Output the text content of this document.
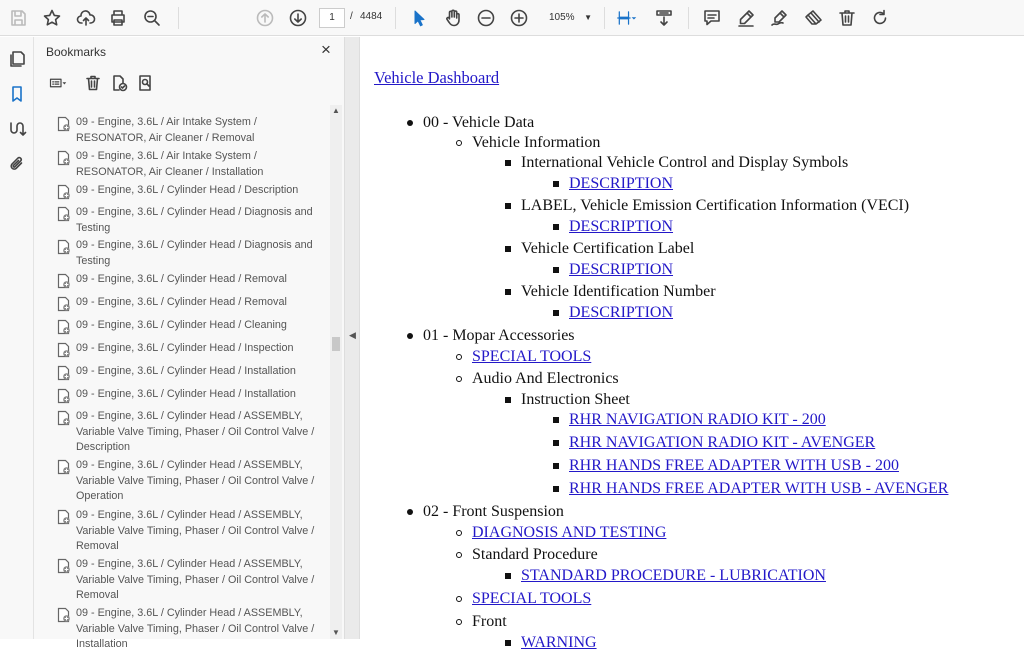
1	/ 4484	105% ▼
Bookmarks	×
09 - Engine, 3.6L / Air Intake System / RESONATOR, Air Cleaner / Removal
09 - Engine, 3.6L / Air Intake System / RESONATOR, Air Cleaner / Installation
09 - Engine, 3.6L / Cylinder Head / Description
09 - Engine, 3.6L / Cylinder Head / Diagnosis and Testing
09 - Engine, 3.6L / Cylinder Head / Diagnosis and Testing
09 - Engine, 3.6L / Cylinder Head / Removal
09 - Engine, 3.6L / Cylinder Head / Removal
09 - Engine, 3.6L / Cylinder Head / Cleaning
09 - Engine, 3.6L / Cylinder Head / Inspection
09 - Engine, 3.6L / Cylinder Head / Installation
09 - Engine, 3.6L / Cylinder Head / Installation
09 - Engine, 3.6L / Cylinder Head / ASSEMBLY, Variable Valve Timing, Phaser / Oil Control Valve / Description
09 - Engine, 3.6L / Cylinder Head / ASSEMBLY, Variable Valve Timing, Phaser / Oil Control Valve / Operation
09 - Engine, 3.6L / Cylinder Head / ASSEMBLY, Variable Valve Timing, Phaser / Oil Control Valve / Removal
09 - Engine, 3.6L / Cylinder Head / ASSEMBLY, Variable Valve Timing, Phaser / Oil Control Valve / Removal
09 - Engine, 3.6L / Cylinder Head / ASSEMBLY, Variable Valve Timing, Phaser / Oil Control Valve / Installation
▲
▼
◀
Vehicle Dashboard
00 - Vehicle Data
Vehicle Information
International Vehicle Control and Display Symbols
DESCRIPTION
LABEL, Vehicle Emission Certification Information (VECI)
DESCRIPTION
Vehicle Certification Label
DESCRIPTION
Vehicle Identification Number
DESCRIPTION
01 - Mopar Accessories
SPECIAL TOOLS
Audio And Electronics
Instruction Sheet
RHR NAVIGATION RADIO KIT - 200
RHR NAVIGATION RADIO KIT - AVENGER
RHR HANDS FREE ADAPTER WITH USB - 200
RHR HANDS FREE ADAPTER WITH USB - AVENGER
02 - Front Suspension
DIAGNOSIS AND TESTING
Standard Procedure
STANDARD PROCEDURE - LUBRICATION
SPECIAL TOOLS
Front
WARNING
